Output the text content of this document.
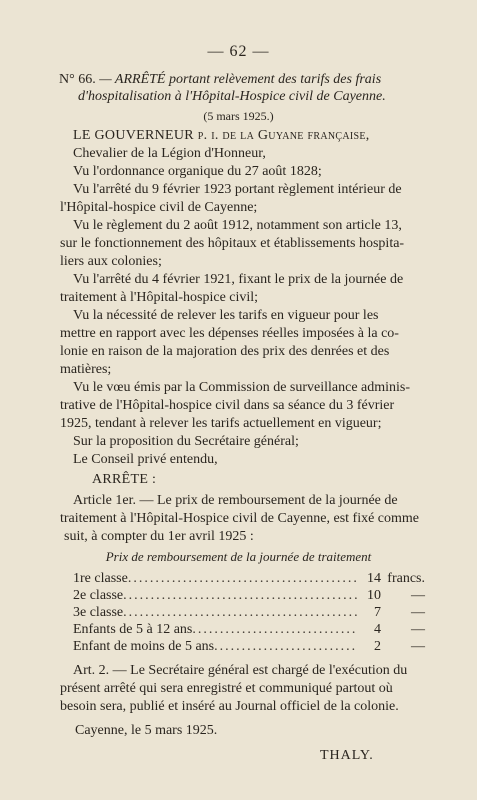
— 62 —
N° 66. — ARRÊTÉ portant relèvement des tarifs des frais
d'hospitalisation à l'Hôpital-Hospice civil de Cayenne.
(5 mars 1925.)
LE GOUVERNEUR p. i. de la Guyane française,
Chevalier de la Légion d'Honneur,
Vu l'ordonnance organique du 27 août 1828;
Vu l'arrêté du 9 février 1923 portant règlement intérieur de
l'Hôpital-hospice civil de Cayenne;
Vu le règlement du 2 août 1912, notamment son article 13,
sur le fonctionnement des hôpitaux et établissements hospita-
liers aux colonies;
Vu l'arrêté du 4 février 1921, fixant le prix de la journée de
traitement à l'Hôpital-hospice civil;
Vu la nécessité de relever les tarifs en vigueur pour les
mettre en rapport avec les dépenses réelles imposées à la co-
lonie en raison de la majoration des prix des denrées et des
matières;
Vu le vœu émis par la Commission de surveillance adminis-
trative de l'Hôpital-hospice civil dans sa séance du 3 février
1925, tendant à relever les tarifs actuellement en vigueur;
Sur la proposition du Secrétaire général;
Le Conseil privé entendu,
ARRÊTE :
Article 1er. — Le prix de remboursement de la journée de
traitement à l'Hôpital-Hospice civil de Cayenne, est fixé comme
suit, à compter du 1er avril 1925 :
Prix de remboursement de la journée de traitement
1re classe .....	14 francs.
2e classe .....	10	—
3e classe .....	7	—
Enfants de 5 à 12 ans .....	4	—
Enfant de moins de 5 ans .....	2	—
Art. 2. — Le Secrétaire général est chargé de l'exécution du
présent arrêté qui sera enregistré et communiqué partout où
besoin sera, publié et inséré au Journal officiel de la colonie.
Cayenne, le 5 mars 1925.
THALY.
